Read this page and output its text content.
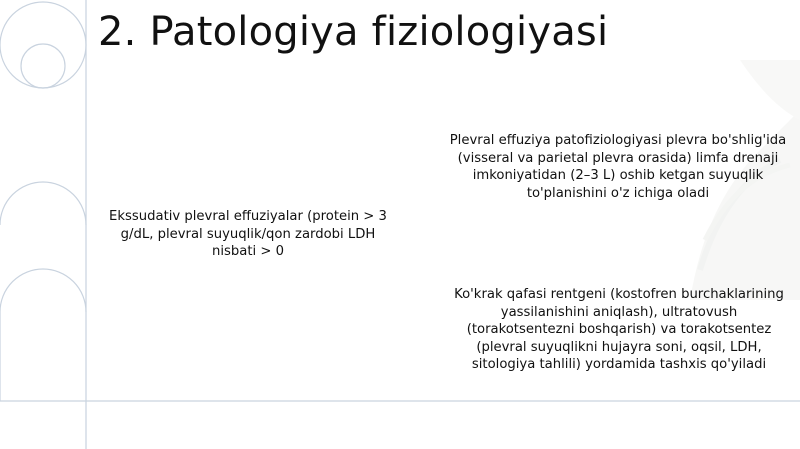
2. Patologiya fiziologiyasi
Plevral effuziya patofiziologiyasi plevra bo'shlig'ida (visseral va parietal plevra orasida) limfa drenaji imkoniyatidan (2–3 L) oshib ketgan suyuqlik to'planishini o'z ichiga oladi
Ekssudativ plevral effuziyalar (protein > 3 g/dL, plevral suyuqlik/qon zardobi LDH nisbati > 0
Ko'krak qafasi rentgeni (kostofren burchaklarining yassilanishini aniqlash), ultratovush (torakotsentezni boshqarish) va torakotsentez (plevral suyuqlikni hujayra soni, oqsil, LDH, sitologiya tahlili) yordamida tashxis qo'yiladi
